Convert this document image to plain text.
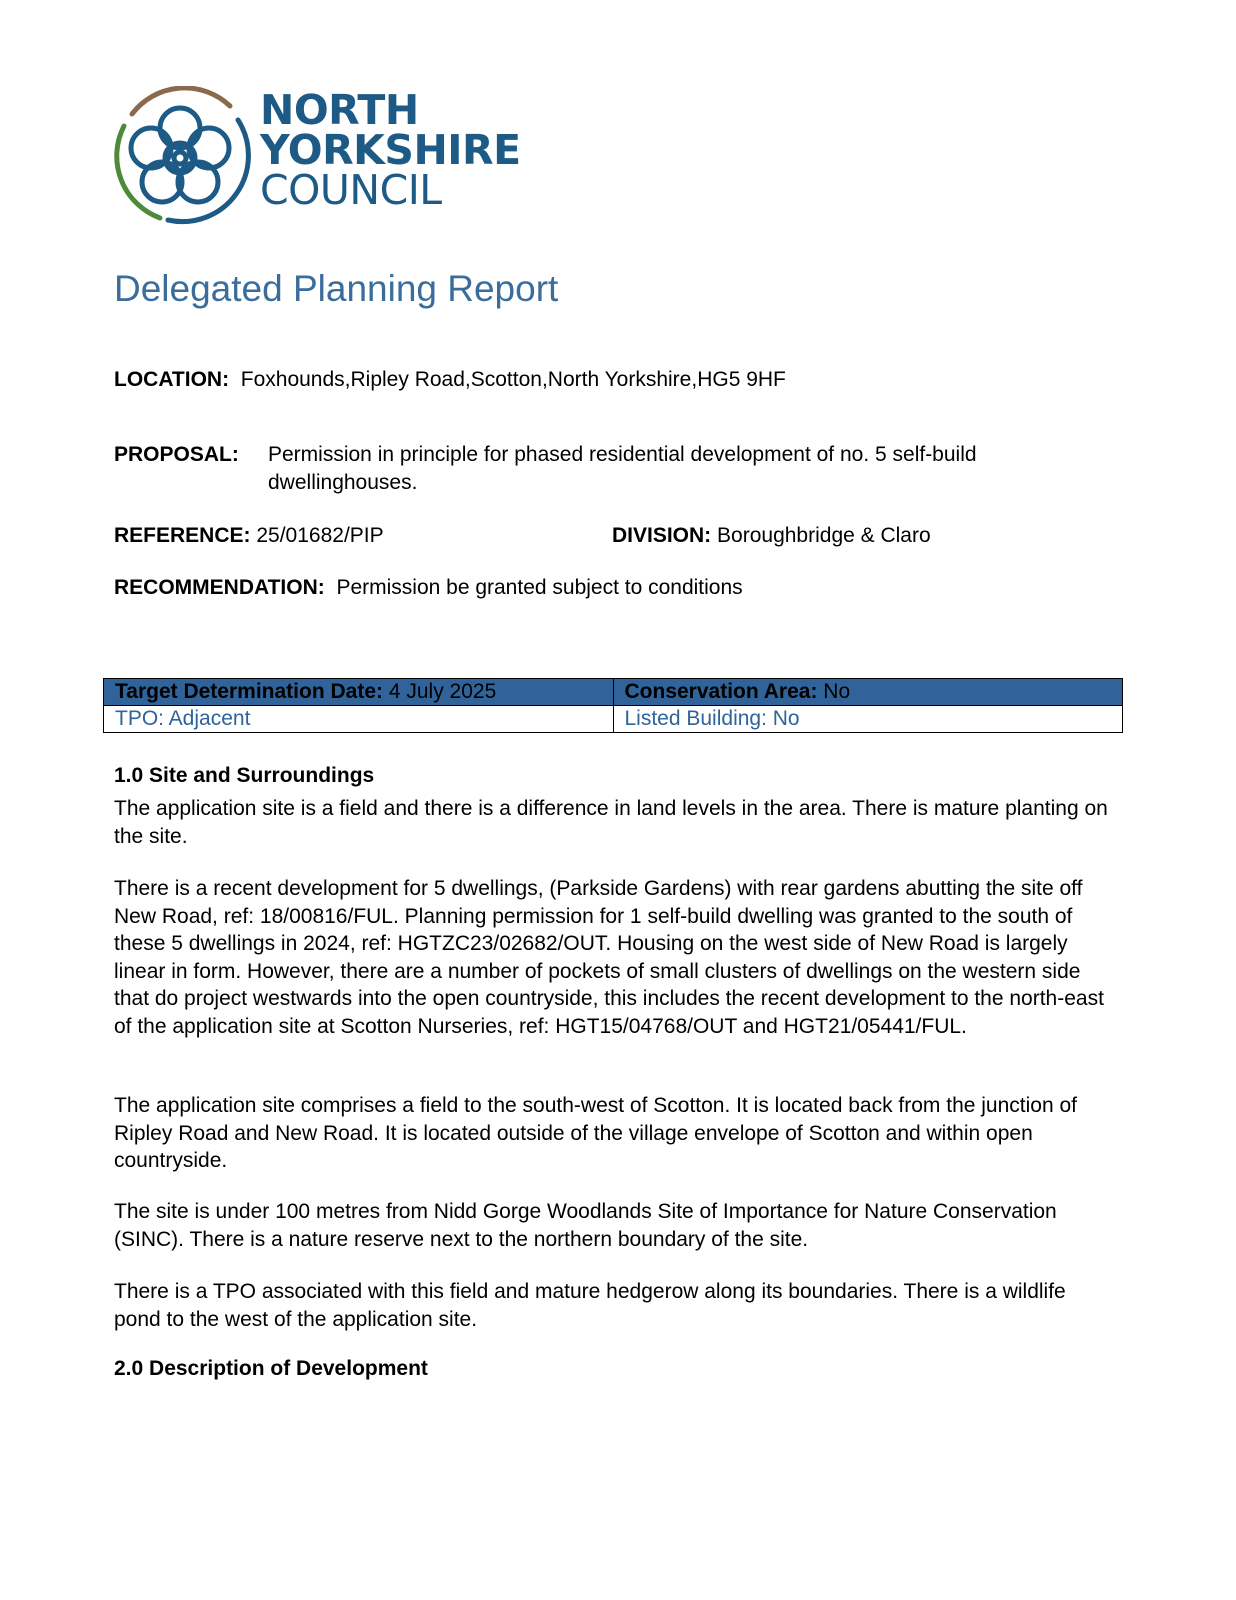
NORTH
YORKSHIRE
COUNCIL
Delegated Planning Report
LOCATION: Foxhounds,Ripley Road,Scotton,North Yorkshire,HG5 9HF
PROPOSAL: Permission in principle for phased residential development of no. 5 self-build dwellinghouses.
REFERENCE: 25/01682/PIP	DIVISION: Boroughbridge & Claro
RECOMMENDATION: Permission be granted subject to conditions
Target Determination Date: 4 July 2025	Conservation Area: No
TPO: Adjacent	Listed Building: No
1.0 Site and Surroundings

The application site is a field and there is a difference in land levels in the area. There is mature planting on the site.

There is a recent development for 5 dwellings, (Parkside Gardens) with rear gardens abutting the site off New Road, ref: 18/00816/FUL. Planning permission for 1 self-build dwelling was granted to the south of these 5 dwellings in 2024, ref: HGTZC23/02682/OUT. Housing on the west side of New Road is largely linear in form. However, there are a number of pockets of small clusters of dwellings on the western side that do project westwards into the open countryside, this includes the recent development to the north-east of the application site at Scotton Nurseries, ref: HGT15/04768/OUT and HGT21/05441/FUL.

The application site comprises a field to the south-west of Scotton. It is located back from the junction of Ripley Road and New Road. It is located outside of the village envelope of Scotton and within open countryside.

The site is under 100 metres from Nidd Gorge Woodlands Site of Importance for Nature Conservation (SINC). There is a nature reserve next to the northern boundary of the site.

There is a TPO associated with this field and mature hedgerow along its boundaries. There is a wildlife pond to the west of the application site.

2.0 Description of Development
